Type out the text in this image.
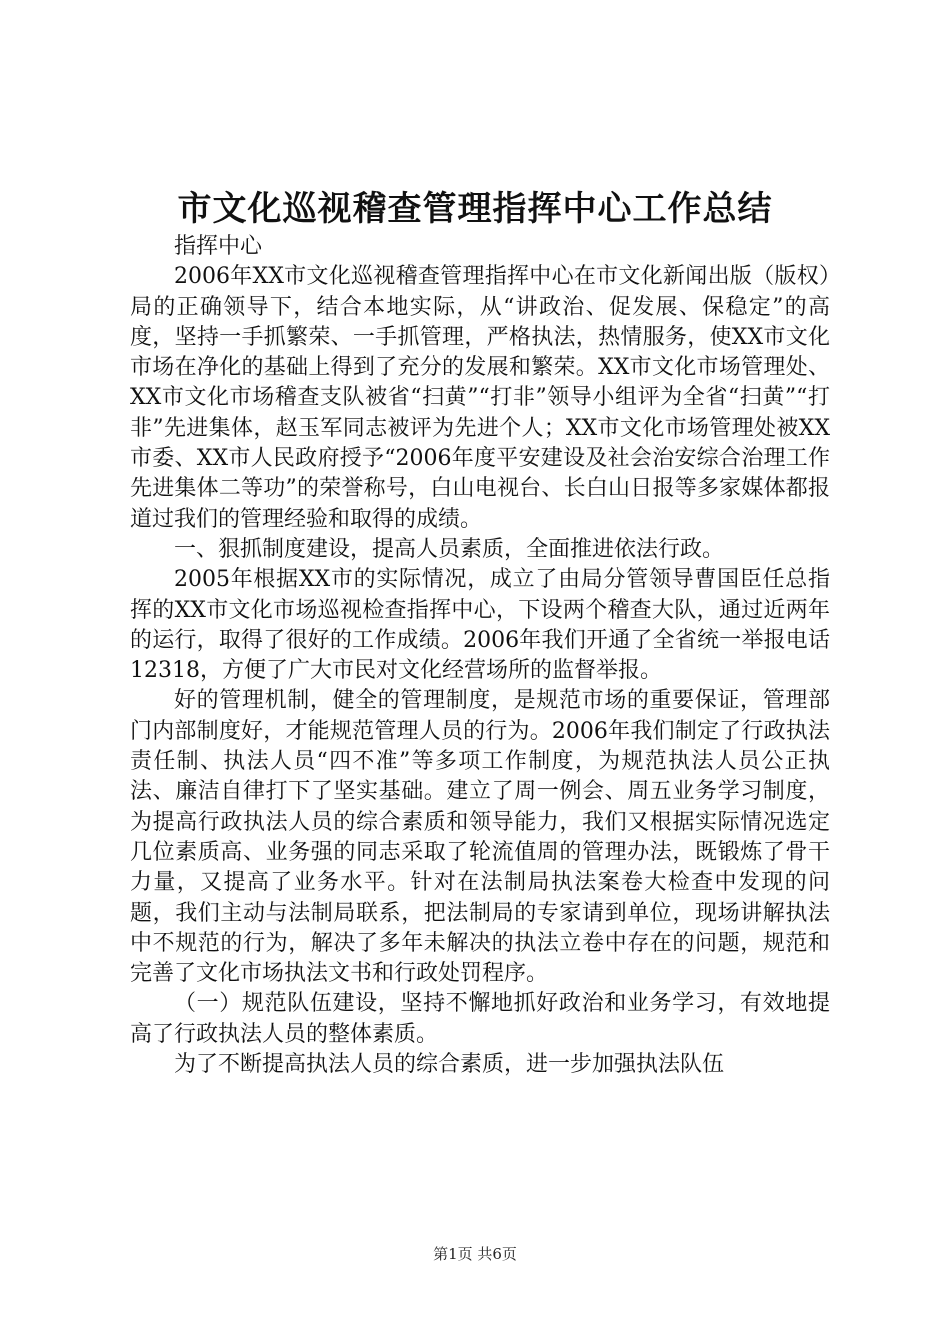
市文化巡视稽查管理指挥中心工作总结

指挥中心

2006年XX市文化巡视稽查管理指挥中心在市文化新闻出版（版权）局的正确领导下，结合本地实际，从“讲政治、促发展、保稳定”的高度，坚持一手抓繁荣、一手抓管理，严格执法，热情服务，使XX市文化市场在净化的基础上得到了充分的发展和繁荣。XX市文化市场管理处、XX市文化市场稽查支队被省“扫黄”“打非”领导小组评为全省“扫黄”“打非”先进集体，赵玉军同志被评为先进个人；XX市文化市场管理处被XX市委、XX市人民政府授予“2006年度平安建设及社会治安综合治理工作先进集体二等功”的荣誉称号，白山电视台、长白山日报等多家媒体都报道过我们的管理经验和取得的成绩。

一、狠抓制度建设，提高人员素质，全面推进依法行政。

2005年根据XX市的实际情况，成立了由局分管领导曹国臣任总指挥的XX市文化市场巡视检查指挥中心，下设两个稽查大队，通过近两年的运行，取得了很好的工作成绩。2006年我们开通了全省统一举报电话12318，方便了广大市民对文化经营场所的监督举报。

好的管理机制，健全的管理制度，是规范市场的重要保证，管理部门内部制度好，才能规范管理人员的行为。2006年我们制定了行政执法责任制、执法人员“四不准”等多项工作制度，为规范执法人员公正执法、廉洁自律打下了坚实基础。建立了周一例会、周五业务学习制度，为提高行政执法人员的综合素质和领导能力，我们又根据实际情况选定几位素质高、业务强的同志采取了轮流值周的管理办法，既锻炼了骨干力量，又提高了业务水平。针对在法制局执法案卷大检查中发现的问题，我们主动与法制局联系，把法制局的专家请到单位，现场讲解执法中不规范的行为，解决了多年未解决的执法立卷中存在的问题，规范和完善了文化市场执法文书和行政处罚程序。

（一）规范队伍建设，坚持不懈地抓好政治和业务学习，有效地提高了行政执法人员的整体素质。

为了不断提高执法人员的综合素质，进一步加强执法队伍

第1页 共6页
